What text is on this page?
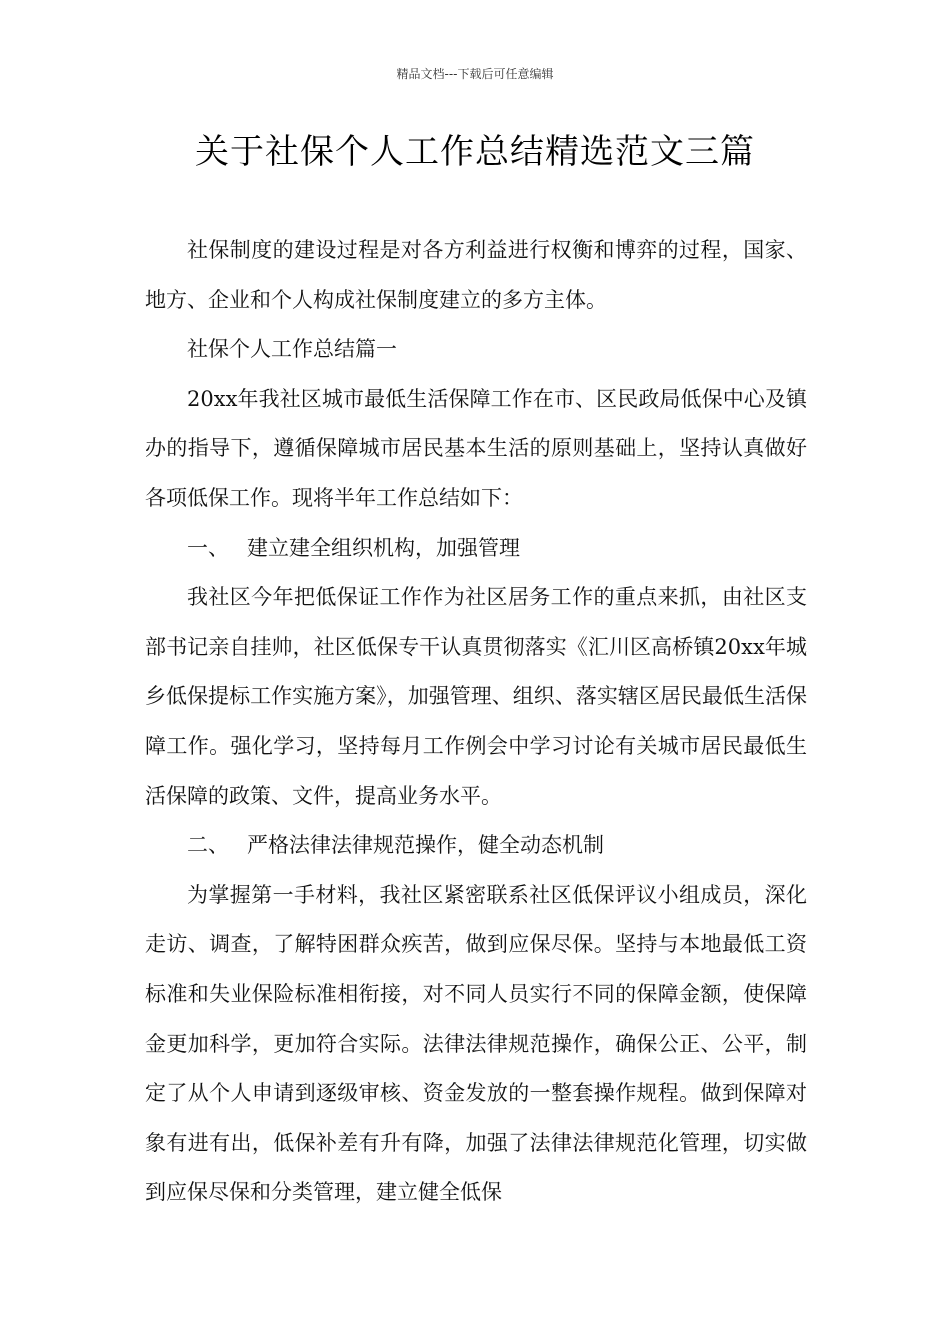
精品文档---下载后可任意编辑
关于社保个人工作总结精选范文三篇

社保制度的建设过程是对各方利益进行权衡和博弈的过程，国家、地方、企业和个人构成社保制度建立的多方主体。

社保个人工作总结篇一

20xx年我社区城市最低生活保障工作在市、区民政局低保中心及镇办的指导下，遵循保障城市居民基本生活的原则基础上，坚持认真做好各项低保工作。现将半年工作总结如下：

一、 建立建全组织机构，加强管理

我社区今年把低保证工作作为社区居务工作的重点来抓，由社区支部书记亲自挂帅，社区低保专干认真贯彻落实《汇川区高桥镇20xx年城乡低保提标工作实施方案》，加强管理、组织、落实辖区居民最低生活保障工作。强化学习，坚持每月工作例会中学习讨论有关城市居民最低生活保障的政策、文件，提高业务水平。

二、 严格法律法律规范操作，健全动态机制

为掌握第一手材料，我社区紧密联系社区低保评议小组成员，深化走访、调查，了解特困群众疾苦，做到应保尽保。坚持与本地最低工资标准和失业保险标准相衔接，对不同人员实行不同的保障金额，使保障金更加科学，更加符合实际。法律法律规范操作，确保公正、公平，制定了从个人申请到逐级审核、资金发放的一整套操作规程。做到保障对象有进有出，低保补差有升有降，加强了法律法律规范化管理，切实做到应保尽保和分类管理，建立健全低保
